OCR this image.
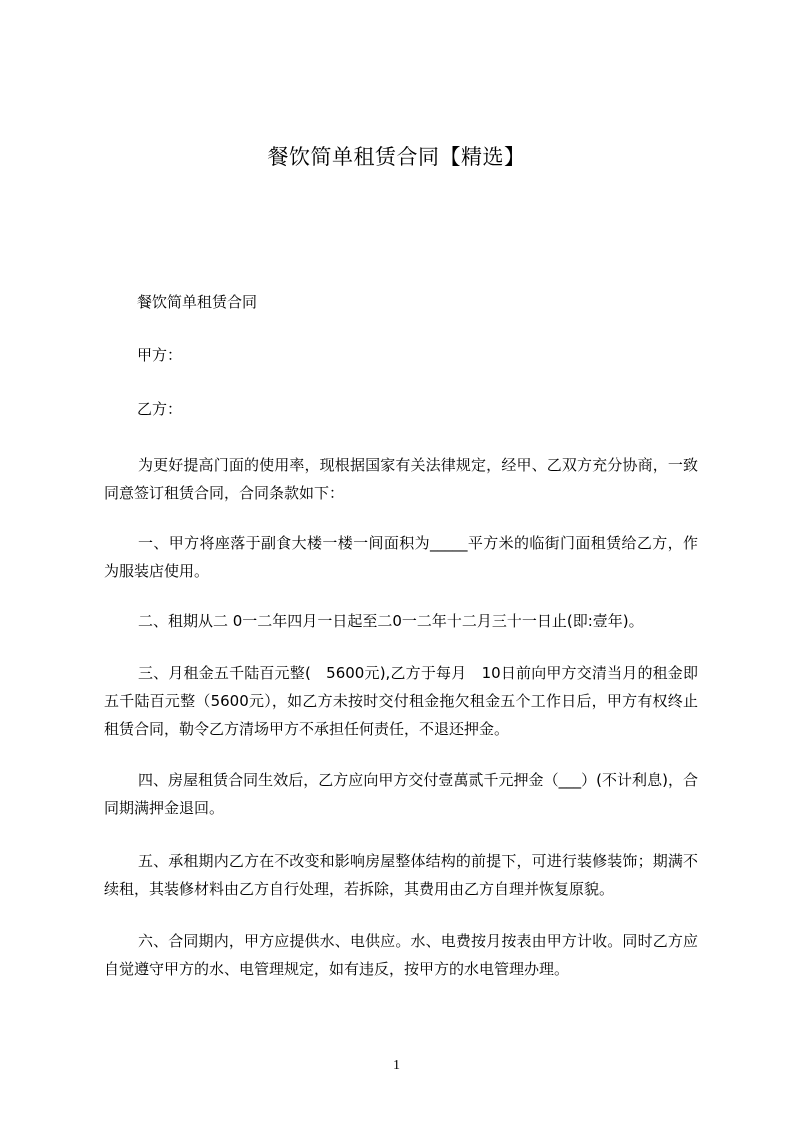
餐饮简单租赁合同【精选】
餐饮简单租赁合同
甲方：
乙方：
为更好提高门面的使用率，现根据国家有关法律规定，经甲、乙双方充分协商，一致同意签订租赁合同，合同条款如下：
一、甲方将座落于副食大楼一楼一间面积为_____平方米的临街门面租赁给乙方，作为服装店使用。
二、租期从二 0一二年四月一日起至二0一二年十二月三十一日止(即:壹年)。
三、月租金五千陆百元整(　5600元),乙方于每月　10日前向甲方交清当月的租金即五千陆百元整（5600元），如乙方未按时交付租金拖欠租金五个工作日后，甲方有权终止租赁合同，勒令乙方清场甲方不承担任何责任，不退还押金。
四、房屋租赁合同生效后，乙方应向甲方交付壹萬贰千元押金（___）(不计利息)，合同期满押金退回。
五、承租期内乙方在不改变和影响房屋整体结构的前提下，可进行装修装饰；期满不续租，其装修材料由乙方自行处理，若拆除，其费用由乙方自理并恢复原貌。
六、合同期内，甲方应提供水、电供应。水、电费按月按表由甲方计收。同时乙方应自觉遵守甲方的水、电管理规定，如有违反，按甲方的水电管理办理。
1
